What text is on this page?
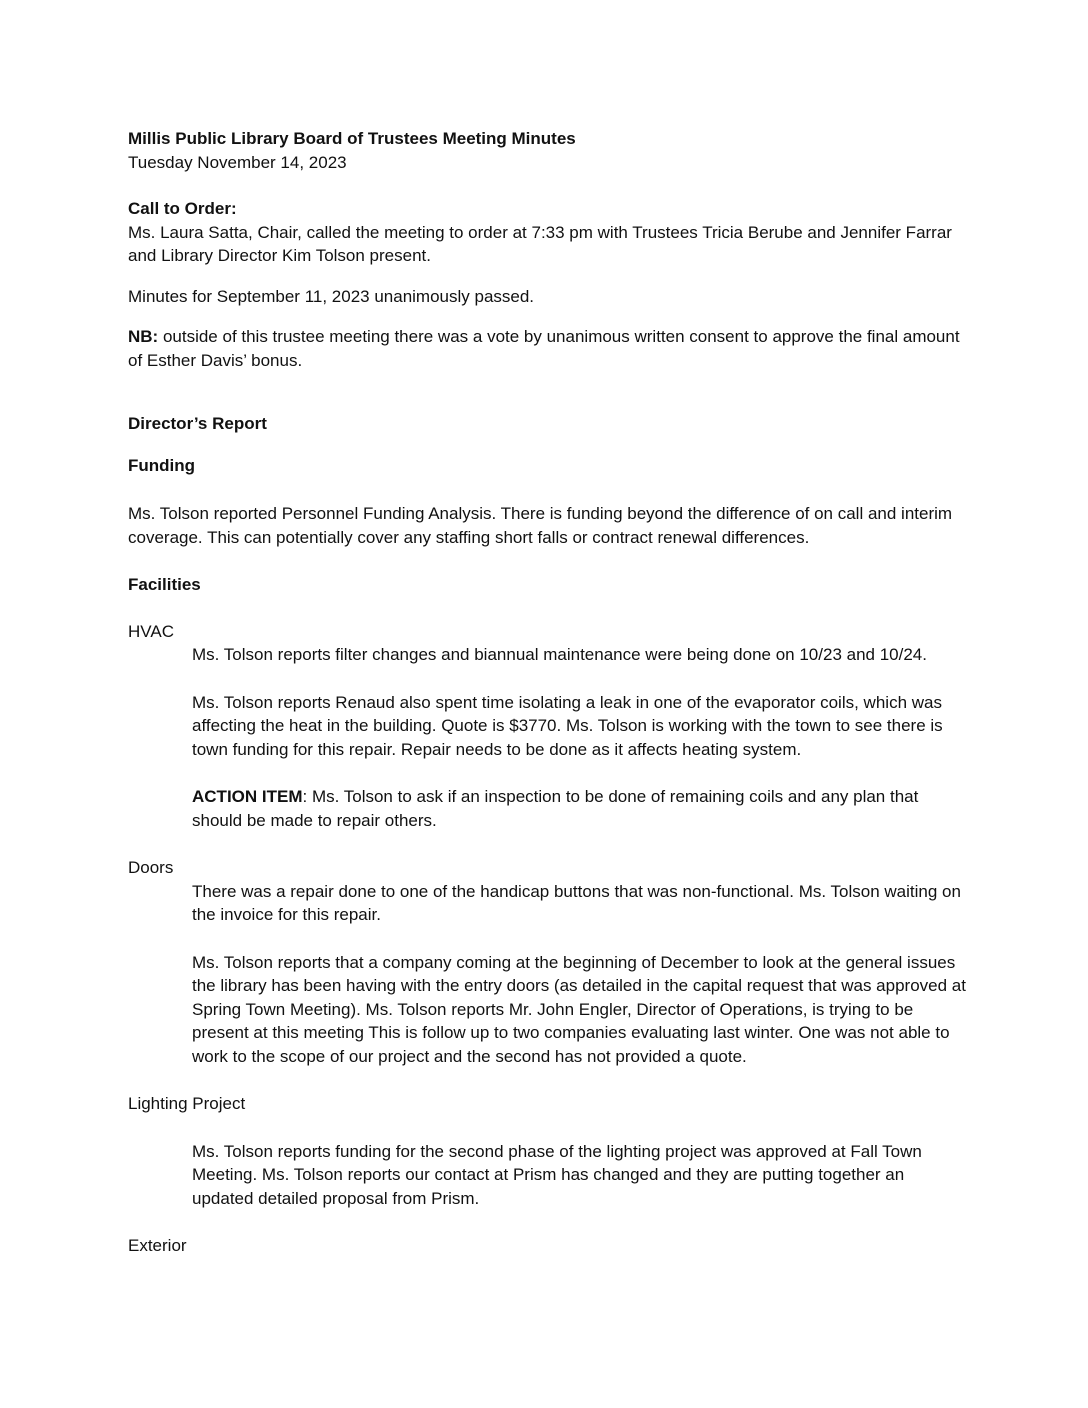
Millis Public Library Board of Trustees Meeting Minutes

Tuesday November 14, 2023

Call to Order:

Ms. Laura Satta, Chair, called the meeting to order at 7:33 pm with Trustees Tricia Berube and Jennifer Farrar and Library Director Kim Tolson present.

Minutes for September 11, 2023 unanimously passed.

NB: outside of this trustee meeting there was a vote by unanimous written consent to approve the final amount of Esther Davis’ bonus.

Director’s Report

Funding

Ms. Tolson reported Personnel Funding Analysis. There is funding beyond the difference of on call and interim coverage. This can potentially cover any staffing short falls or contract renewal differences.

Facilities

HVAC

Ms. Tolson reports filter changes and biannual maintenance were being done on 10/23 and 10/24.

Ms. Tolson reports Renaud also spent time isolating a leak in one of the evaporator coils, which was affecting the heat in the building. Quote is $3770. Ms. Tolson is working with the town to see there is town funding for this repair. Repair needs to be done as it affects heating system.

ACTION ITEM: Ms. Tolson to ask if an inspection to be done of remaining coils and any plan that should be made to repair others.

Doors

There was a repair done to one of the handicap buttons that was non-functional. Ms. Tolson waiting on the invoice for this repair.

Ms. Tolson reports that a company coming at the beginning of December to look at the general issues the library has been having with the entry doors (as detailed in the capital request that was approved at Spring Town Meeting). Ms. Tolson reports Mr. John Engler, Director of Operations, is trying to be present at this meeting This is follow up to two companies evaluating last winter. One was not able to work to the scope of our project and the second has not provided a quote.

Lighting Project

Ms. Tolson reports funding for the second phase of the lighting project was approved at Fall Town Meeting. Ms. Tolson reports our contact at Prism has changed and they are putting together an updated detailed proposal from Prism.

Exterior
